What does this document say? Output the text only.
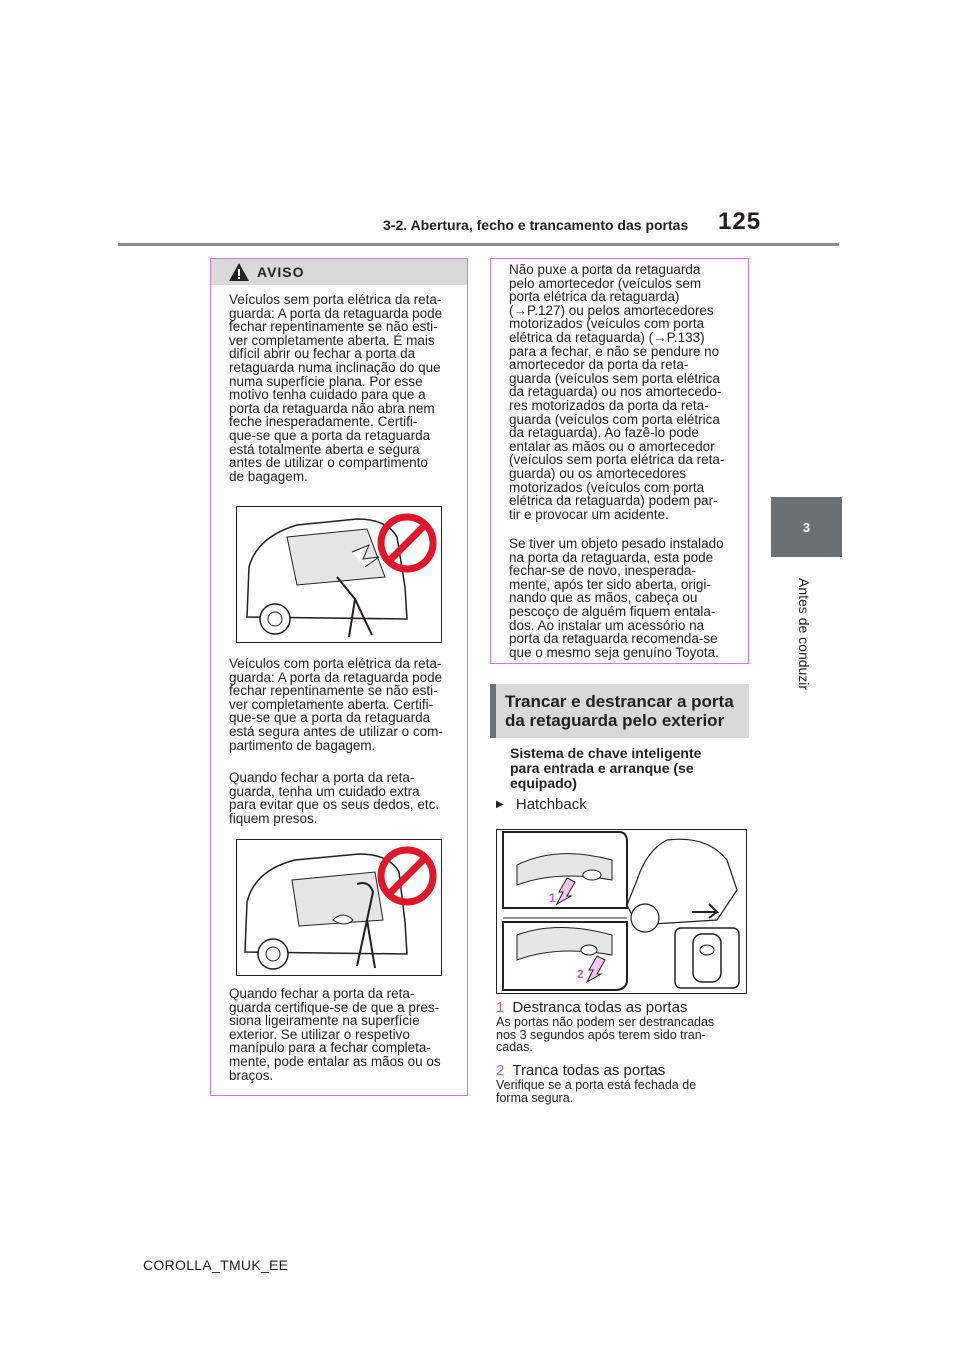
3-2. Abertura, fecho e trancamento das portas 125
3
Antes de conduzir
AVISO

Veículos sem porta elétrica da reta-

guarda: A porta da retaguarda pode

fechar repentinamente se não esti-

ver completamente aberta. É mais

difícil abrir ou fechar a porta da

retaguarda numa inclinação do que

numa superfície plana. Por esse

motivo tenha cuidado para que a

porta da retaguarda não abra nem

feche inesperadamente. Certifi-

que-se que a porta da retaguarda

está totalmente aberta e segura

antes de utilizar o compartimento

de bagagem.

Veículos com porta elétrica da reta-

guarda: A porta da retaguarda pode

fechar repentinamente se não esti-

ver completamente aberta. Certifi-

que-se que a porta da retaguarda

está segura antes de utilizar o com-

partimento de bagagem.

Quando fechar a porta da reta-

guarda, tenha um cuidado extra

para evitar que os seus dedos, etc.

fiquem presos.

Quando fechar a porta da reta-

guarda certifique-se de que a pres-

siona ligeiramente na superfície

exterior. Se utilizar o respetivo

manípulo para a fechar completa-

mente, pode entalar as mãos ou os

braços.

Não puxe a porta da retaguarda

pelo amortecedor (veículos sem

porta elétrica da retaguarda)

(→P.127) ou pelos amortecedores

motorizados (veículos com porta

elétrica da retaguarda) (→P.133)

para a fechar, e não se pendure no

amortecedor da porta da reta-

guarda (veículos sem porta elétrica

da retaguarda) ou nos amortecedo-

res motorizados da porta da reta-

guarda (veículos com porta elétrica

da retaguarda). Ao fazê-lo pode

entalar as mãos ou o amortecedor

(veículos sem porta elétrica da reta-

guarda) ou os amortecedores

motorizados (veículos com porta

elétrica da retaguarda) podem par-

tir e provocar um acidente.

Se tiver um objeto pesado instalado

na porta da retaguarda, esta pode

fechar-se de novo, inesperada-

mente, após ter sido aberta, origi-

nando que as mãos, cabeça ou

pescoço de alguém fiquem entala-

dos. Ao instalar um acessório na

porta da retaguarda recomenda-se

que o mesmo seja genuíno Toyota.

Trancar e destrancar a porta
da retaguarda pelo exterior
Sistema de chave inteligente
para entrada e arranque (se
equipado)
▶ Hatchback
1
2
1 Destranca todas as portas
As portas não podem ser destrancadas
nos 3 segundos após terem sido tran-
cadas.
2 Tranca todas as portas
Verifique se a porta está fechada de
forma segura.
COROLLA_TMUK_EE
